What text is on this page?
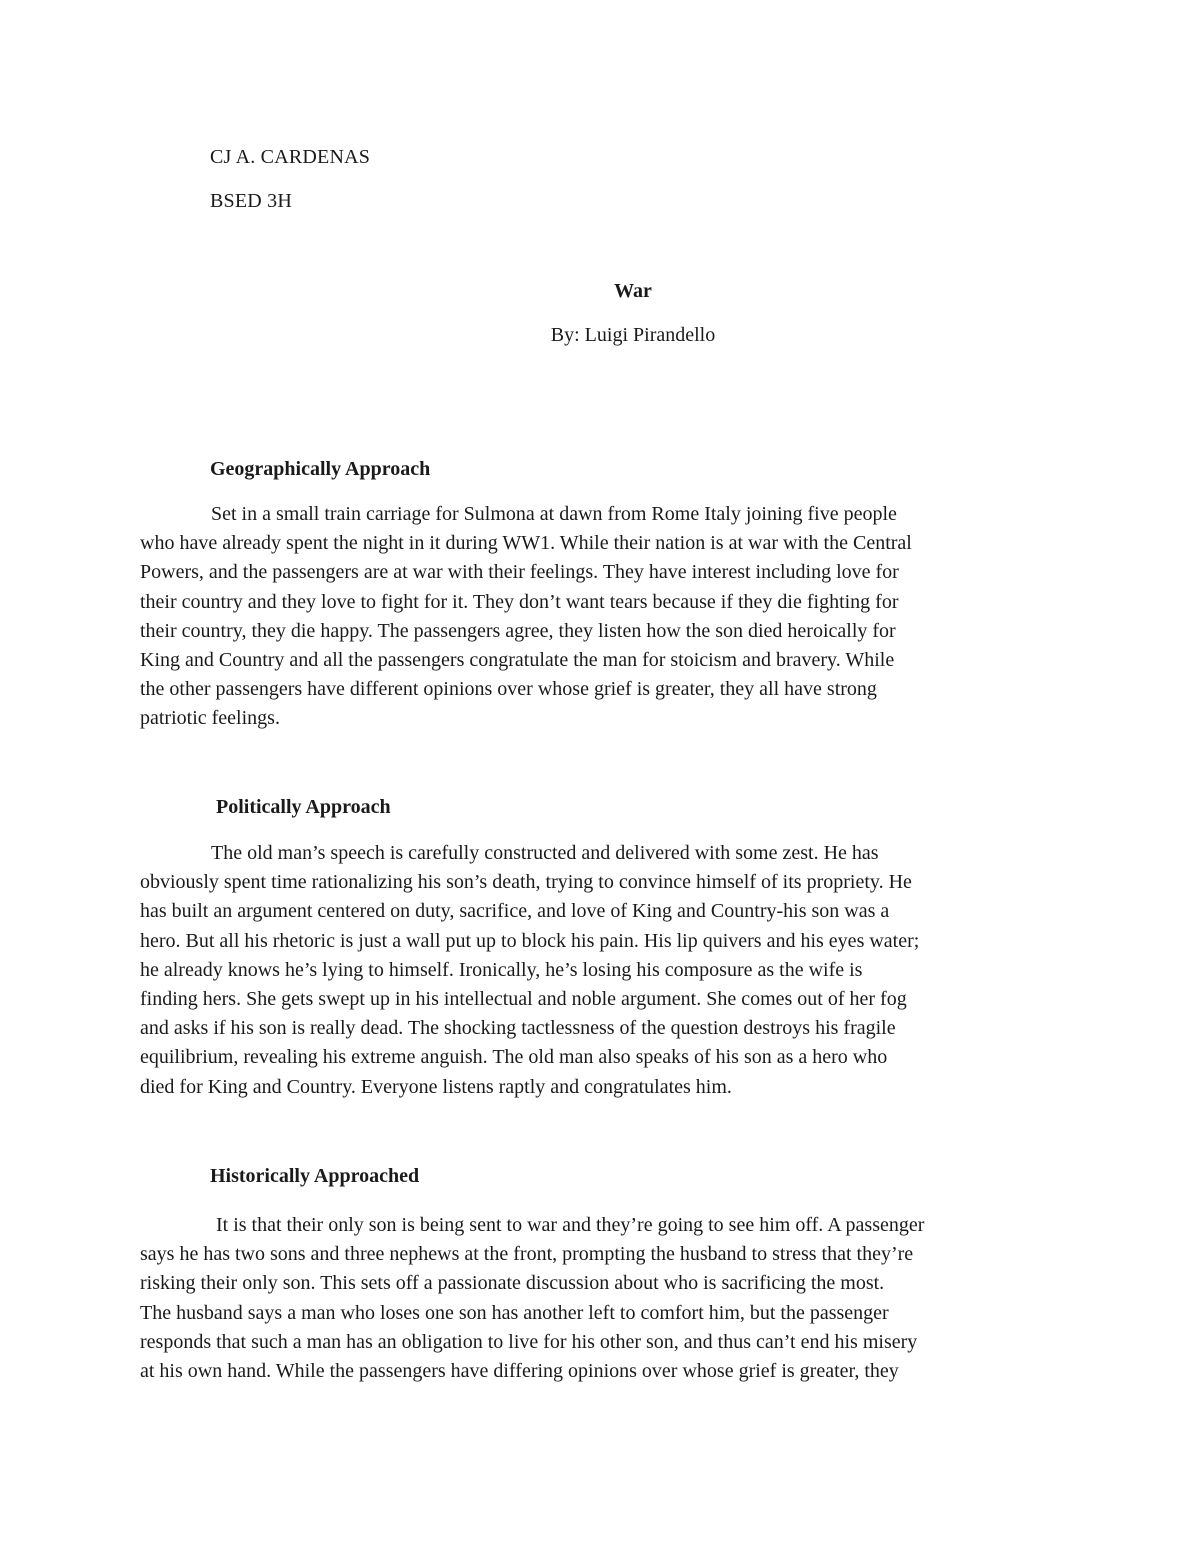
CJ A. CARDENAS
BSED 3H
War
By: Luigi Pirandello
Geographically Approach
Set in a small train carriage for Sulmona at dawn from Rome Italy joining five people
who have already spent the night in it during WW1. While their nation is at war with the Central
Powers, and the passengers are at war with their feelings. They have interest including love for
their country and they love to fight for it. They don’t want tears because if they die fighting for
their country, they die happy. The passengers agree, they listen how the son died heroically for
King and Country and all the passengers congratulate the man for stoicism and bravery. While
the other passengers have different opinions over whose grief is greater, they all have strong
patriotic feelings.
Politically Approach
The old man’s speech is carefully constructed and delivered with some zest. He has
obviously spent time rationalizing his son’s death, trying to convince himself of its propriety. He
has built an argument centered on duty, sacrifice, and love of King and Country-his son was a
hero. But all his rhetoric is just a wall put up to block his pain. His lip quivers and his eyes water;
he already knows he’s lying to himself. Ironically, he’s losing his composure as the wife is
finding hers. She gets swept up in his intellectual and noble argument. She comes out of her fog
and asks if his son is really dead. The shocking tactlessness of the question destroys his fragile
equilibrium, revealing his extreme anguish. The old man also speaks of his son as a hero who
died for King and Country. Everyone listens raptly and congratulates him.
Historically Approached
It is that their only son is being sent to war and they’re going to see him off. A passenger
says he has two sons and three nephews at the front, prompting the husband to stress that they’re
risking their only son. This sets off a passionate discussion about who is sacrificing the most.
The husband says a man who loses one son has another left to comfort him, but the passenger
responds that such a man has an obligation to live for his other son, and thus can’t end his misery
at his own hand. While the passengers have differing opinions over whose grief is greater, they
